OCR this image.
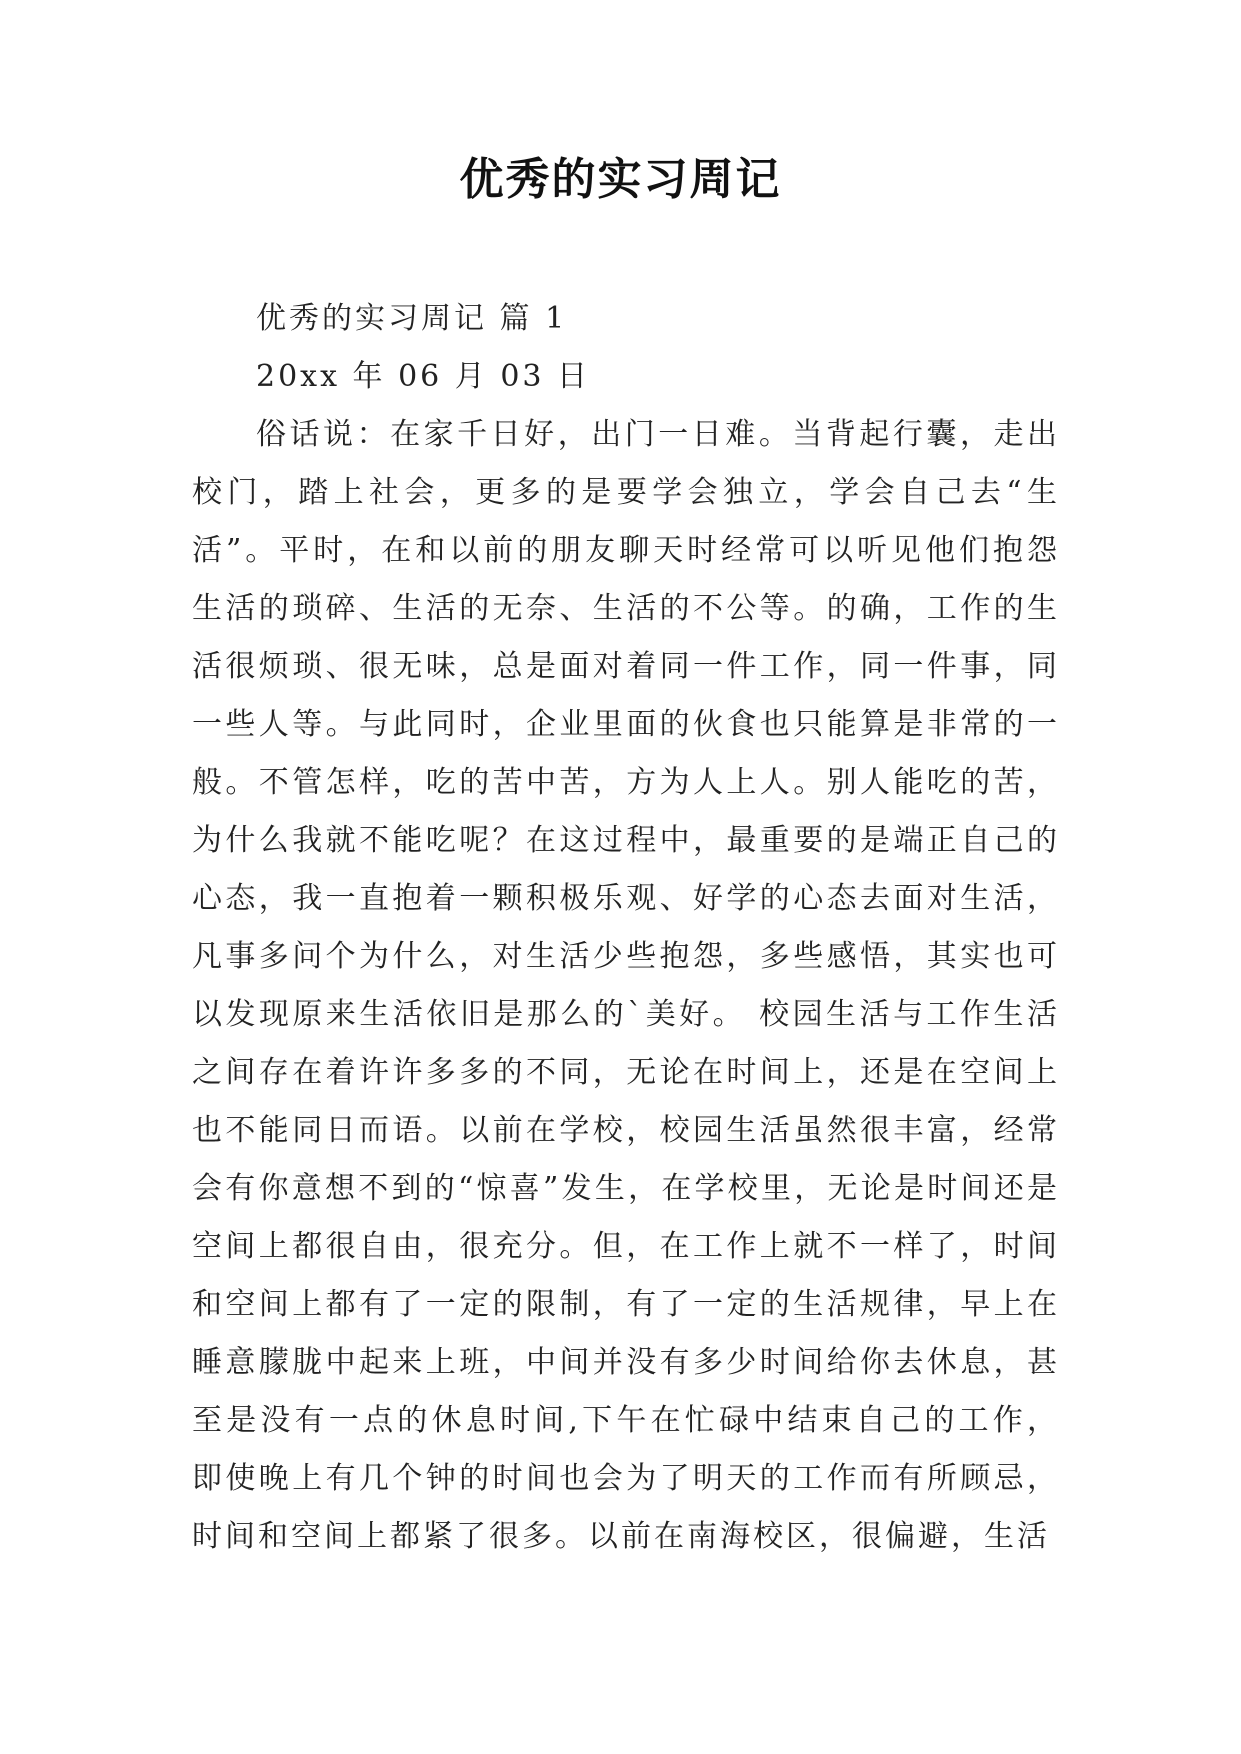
优秀的实习周记

优秀的实习周记 篇 1

20xx 年 06 月 03 日

俗话说：在家千日好，出门一日难。当背起行囊，走出校门，踏上社会，更多的是要学会独立，学会自己去“生活”。平时，在和以前的朋友聊天时经常可以听见他们抱怨生活的琐碎、生活的无奈、生活的不公等。的确，工作的生活很烦琐、很无味，总是面对着同一件工作，同一件事，同一些人等。与此同时，企业里面的伙食也只能算是非常的一般。不管怎样，吃的苦中苦，方为人上人。别人能吃的苦，为什么我就不能吃呢？在这过程中，最重要的是端正自己的心态，我一直抱着一颗积极乐观、好学的心态去面对生活，凡事多问个为什么，对生活少些抱怨，多些感悟，其实也可以发现原来生活依旧是那么的`美好。 校园生活与工作生活之间存在着许许多多的不同，无论在时间上，还是在空间上也不能同日而语。以前在学校，校园生活虽然很丰富，经常会有你意想不到的“惊喜”发生，在学校里，无论是时间还是空间上都很自由，很充分。但，在工作上就不一样了，时间和空间上都有了一定的限制，有了一定的生活规律，早上在睡意朦胧中起来上班，中间并没有多少时间给你去休息，甚至是没有一点的休息时间,下午在忙碌中结束自己的工作，即使晚上有几个钟的时间也会为了明天的工作而有所顾忌，时间和空间上都紧了很多。以前在南海校区，很偏避，生活
